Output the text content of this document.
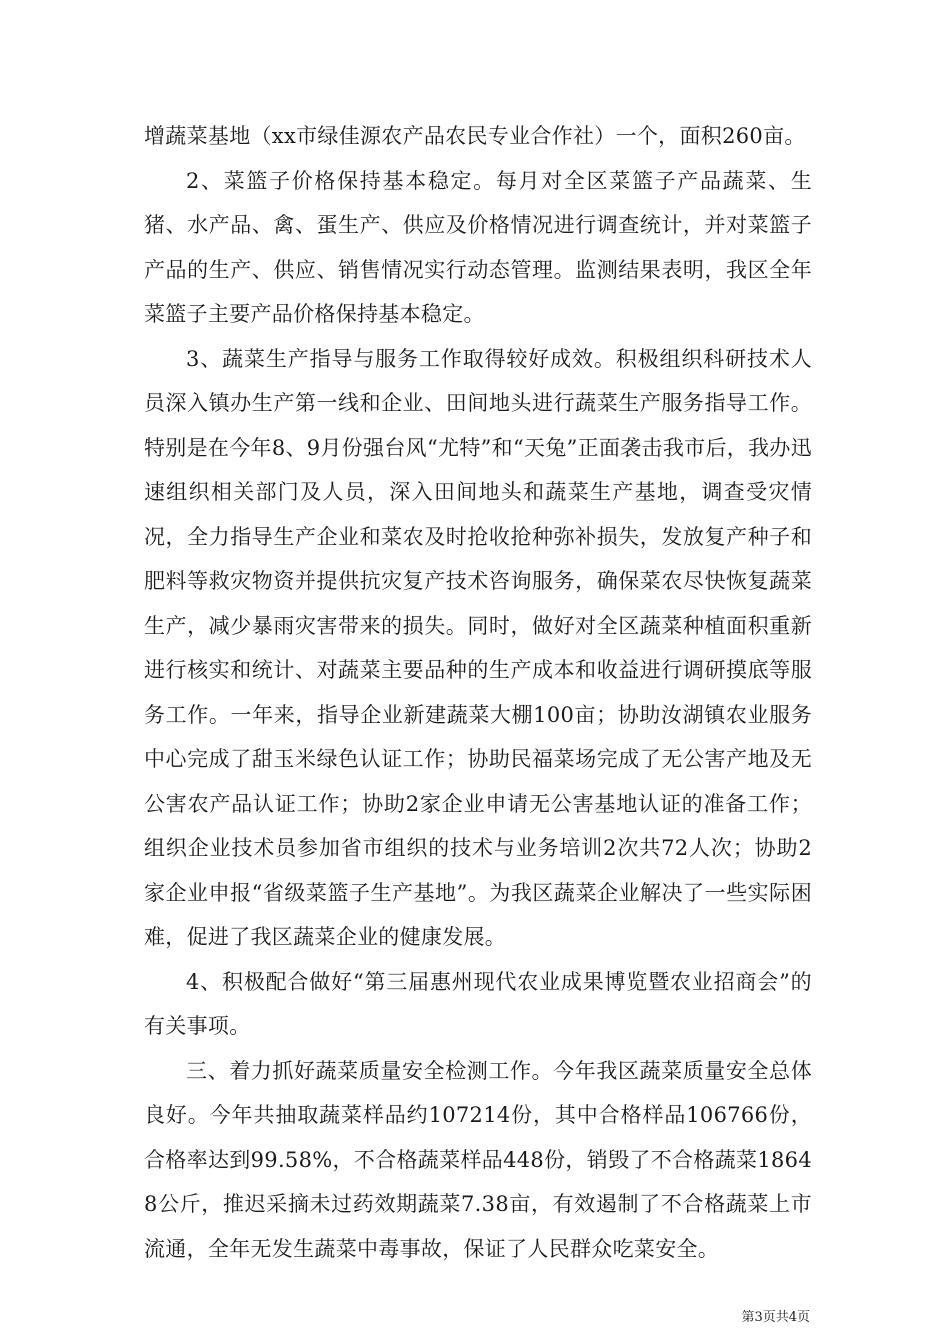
增蔬菜基地（xx市绿佳源农产品农民专业合作社）一个，面积260亩。

2、菜篮子价格保持基本稳定。每月对全区菜篮子产品蔬菜、生猪、水产品、禽、蛋生产、供应及价格情况进行调查统计，并对菜篮子产品的生产、供应、销售情况实行动态管理。监测结果表明，我区全年菜篮子主要产品价格保持基本稳定。

3、蔬菜生产指导与服务工作取得较好成效。积极组织科研技术人员深入镇办生产第一线和企业、田间地头进行蔬菜生产服务指导工作。特别是在今年8、9月份强台风“尤特”和“天兔”正面袭击我市后，我办迅速组织相关部门及人员，深入田间地头和蔬菜生产基地，调查受灾情况，全力指导生产企业和菜农及时抢收抢种弥补损失，发放复产种子和肥料等救灾物资并提供抗灾复产技术咨询服务，确保菜农尽快恢复蔬菜生产，减少暴雨灾害带来的损失。同时，做好对全区蔬菜种植面积重新进行核实和统计、对蔬菜主要品种的生产成本和收益进行调研摸底等服务工作。一年来，指导企业新建蔬菜大棚100亩；协助汝湖镇农业服务中心完成了甜玉米绿色认证工作；协助民福菜场完成了无公害产地及无公害农产品认证工作；协助2家企业申请无公害基地认证的准备工作；组织企业技术员参加省市组织的技术与业务培训2次共72人次；协助2家企业申报“省级菜篮子生产基地”。为我区蔬菜企业解决了一些实际困难，促进了我区蔬菜企业的健康发展。

4、积极配合做好“第三届惠州现代农业成果博览暨农业招商会”的有关事项。

三、着力抓好蔬菜质量安全检测工作。今年我区蔬菜质量安全总体良好。今年共抽取蔬菜样品约107214份，其中合格样品106766份，合格率达到99.58%，不合格蔬菜样品448份，销毁了不合格蔬菜18648公斤，推迟采摘未过药效期蔬菜7.38亩，有效遏制了不合格蔬菜上市流通，全年无发生蔬菜中毒事故，保证了人民群众吃菜安全。

第3页共4页
